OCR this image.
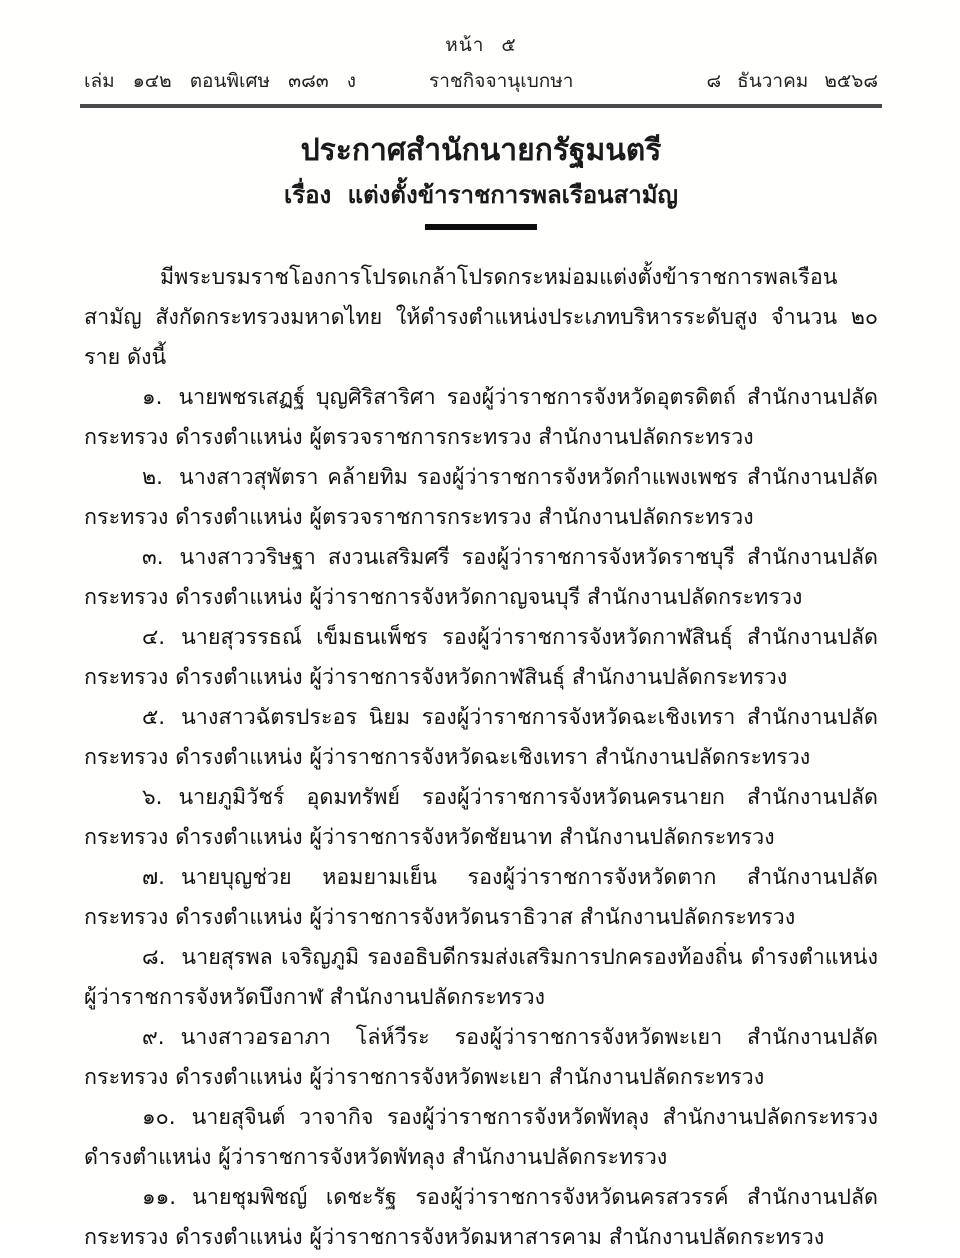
หน้า ๕
เล่ม ๑๔๒ ตอนพิเศษ ๓๘๓ ง	ราชกิจจานุเบกษา	๘ ธันวาคม ๒๕๖๘
ประกาศสำนักนายกรัฐมนตรี
เรื่อง แต่งตั้งข้าราชการพลเรือนสามัญ

มีพระบรมราชโองการโปรดเกล้าโปรดกระหม่อมแต่งตั้งข้าราชการพลเรือนสามัญ สังกัดกระทรวงมหาดไทย ให้ดำรงตำแหน่งประเภทบริหารระดับสูง จำนวน ๒๐ ราย ดังนี้

๑. นายพชรเสฏฐ์ บุญศิริสาริศา รองผู้ว่าราชการจังหวัดอุตรดิตถ์ สำนักงานปลัดกระทรวง ดำรงตำแหน่ง ผู้ตรวจราชการกระทรวง สำนักงานปลัดกระทรวง

๒. นางสาวสุพัตรา คล้ายทิม รองผู้ว่าราชการจังหวัดกำแพงเพชร สำนักงานปลัดกระทรวง ดำรงตำแหน่ง ผู้ตรวจราชการกระทรวง สำนักงานปลัดกระทรวง

๓. นางสาววริษฐา สงวนเสริมศรี รองผู้ว่าราชการจังหวัดราชบุรี สำนักงานปลัดกระทรวง ดำรงตำแหน่ง ผู้ว่าราชการจังหวัดกาญจนบุรี สำนักงานปลัดกระทรวง

๔. นายสุวรรธณ์ เข็มธนเพ็ชร รองผู้ว่าราชการจังหวัดกาฬสินธุ์ สำนักงานปลัดกระทรวง ดำรงตำแหน่ง ผู้ว่าราชการจังหวัดกาฬสินธุ์ สำนักงานปลัดกระทรวง

๕. นางสาวฉัตรประอร นิยม รองผู้ว่าราชการจังหวัดฉะเชิงเทรา สำนักงานปลัดกระทรวง ดำรงตำแหน่ง ผู้ว่าราชการจังหวัดฉะเชิงเทรา สำนักงานปลัดกระทรวง

๖. นายภูมิวัชร์ อุดมทรัพย์ รองผู้ว่าราชการจังหวัดนครนายก สำนักงานปลัดกระทรวง ดำรงตำแหน่ง ผู้ว่าราชการจังหวัดชัยนาท สำนักงานปลัดกระทรวง

๗. นายบุญช่วย หอมยามเย็น รองผู้ว่าราชการจังหวัดตาก สำนักงานปลัดกระทรวง ดำรงตำแหน่ง ผู้ว่าราชการจังหวัดนราธิวาส สำนักงานปลัดกระทรวง

๘. นายสุรพล เจริญภูมิ รองอธิบดีกรมส่งเสริมการปกครองท้องถิ่น ดำรงตำแหน่ง ผู้ว่าราชการจังหวัดบึงกาฬ สำนักงานปลัดกระทรวง

๙. นางสาวอรอาภา โล่ห์วีระ รองผู้ว่าราชการจังหวัดพะเยา สำนักงานปลัดกระทรวง ดำรงตำแหน่ง ผู้ว่าราชการจังหวัดพะเยา สำนักงานปลัดกระทรวง

๑๐. นายสุจินต์ วาจากิจ รองผู้ว่าราชการจังหวัดพัทลุง สำนักงานปลัดกระทรวง ดำรงตำแหน่ง ผู้ว่าราชการจังหวัดพัทลุง สำนักงานปลัดกระทรวง

๑๑. นายชุมพิชญ์ เดชะรัฐ รองผู้ว่าราชการจังหวัดนครสวรรค์ สำนักงานปลัดกระทรวง ดำรงตำแหน่ง ผู้ว่าราชการจังหวัดมหาสารคาม สำนักงานปลัดกระทรวง
